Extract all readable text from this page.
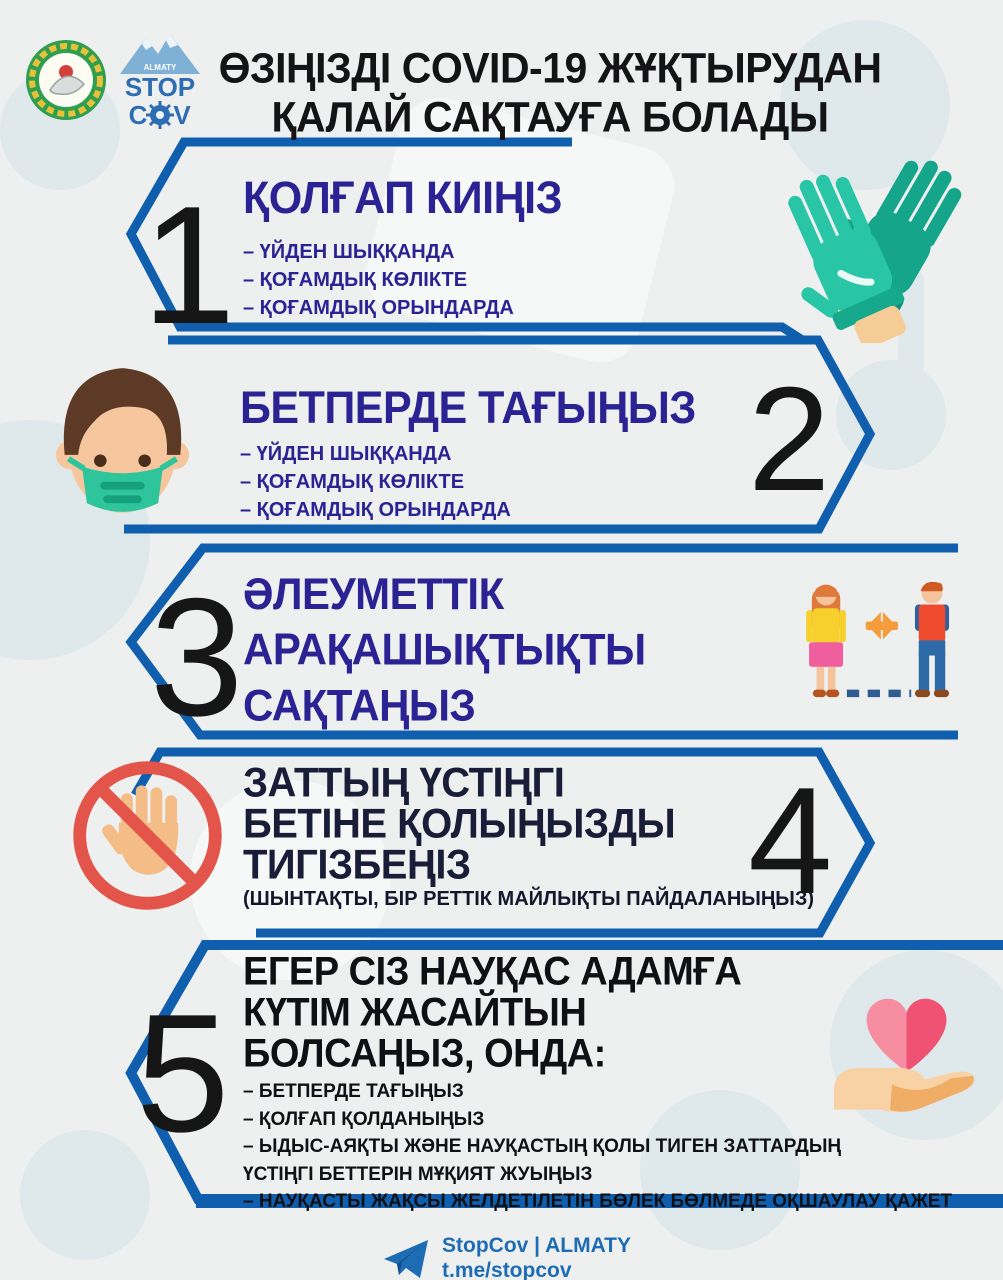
ALMATY
STOP
C V
ӨЗІҢІЗДІ COVID-19 ЖҰҚТЫРУДАН
ҚАЛАЙ САҚТАУҒА БОЛАДЫ
1 ҚОЛҒАП КИІҢІЗ
– ҮЙДЕН ШЫҚҚАНДА
– ҚОҒАМДЫҚ КӨЛІКТЕ
– ҚОҒАМДЫҚ ОРЫНДАРДА
БЕТПЕРДЕ ТАҒЫҢЫЗ
– ҮЙДЕН ШЫҚҚАНДА
– ҚОҒАМДЫҚ КӨЛІКТЕ
– ҚОҒАМДЫҚ ОРЫНДАРДА 2
3 ӘЛЕУМЕТТІК
АРАҚАШЫҚТЫҚТЫ
САҚТАҢЫЗ
ЗАТТЫҢ ҮСТІҢГІ
БЕТІНЕ ҚОЛЫҢЫЗДЫ
ТИГІЗБЕҢІЗ
(ШЫНТАҚТЫ, БІР РЕТТІК МАЙЛЫҚТЫ ПАЙДАЛАНЫҢЫЗ)
4
5
ЕГЕР СІЗ НАУҚАС АДАМҒА
КҮТІМ ЖАСАЙТЫН
БОЛСАҢЫЗ, ОНДА:
– БЕТПЕРДЕ ТАҒЫҢЫЗ
– ҚОЛҒАП ҚОЛДАНЫҢЫЗ
– ЫДЫС-АЯҚТЫ ЖӘНЕ НАУҚАСТЫҢ ҚОЛЫ ТИГЕН ЗАТТАРДЫҢ
ҮСТІҢГІ БЕТТЕРІН МҰҚИЯТ ЖУЫҢЫЗ
– НАУҚАСТЫ ЖАҚСЫ ЖЕЛДЕТІЛЕТІН БӨЛЕК БӨЛМЕДЕ ОҚШАУЛАУ ҚАЖЕТ
StopCov | ALMATY
t.me/stopcov
